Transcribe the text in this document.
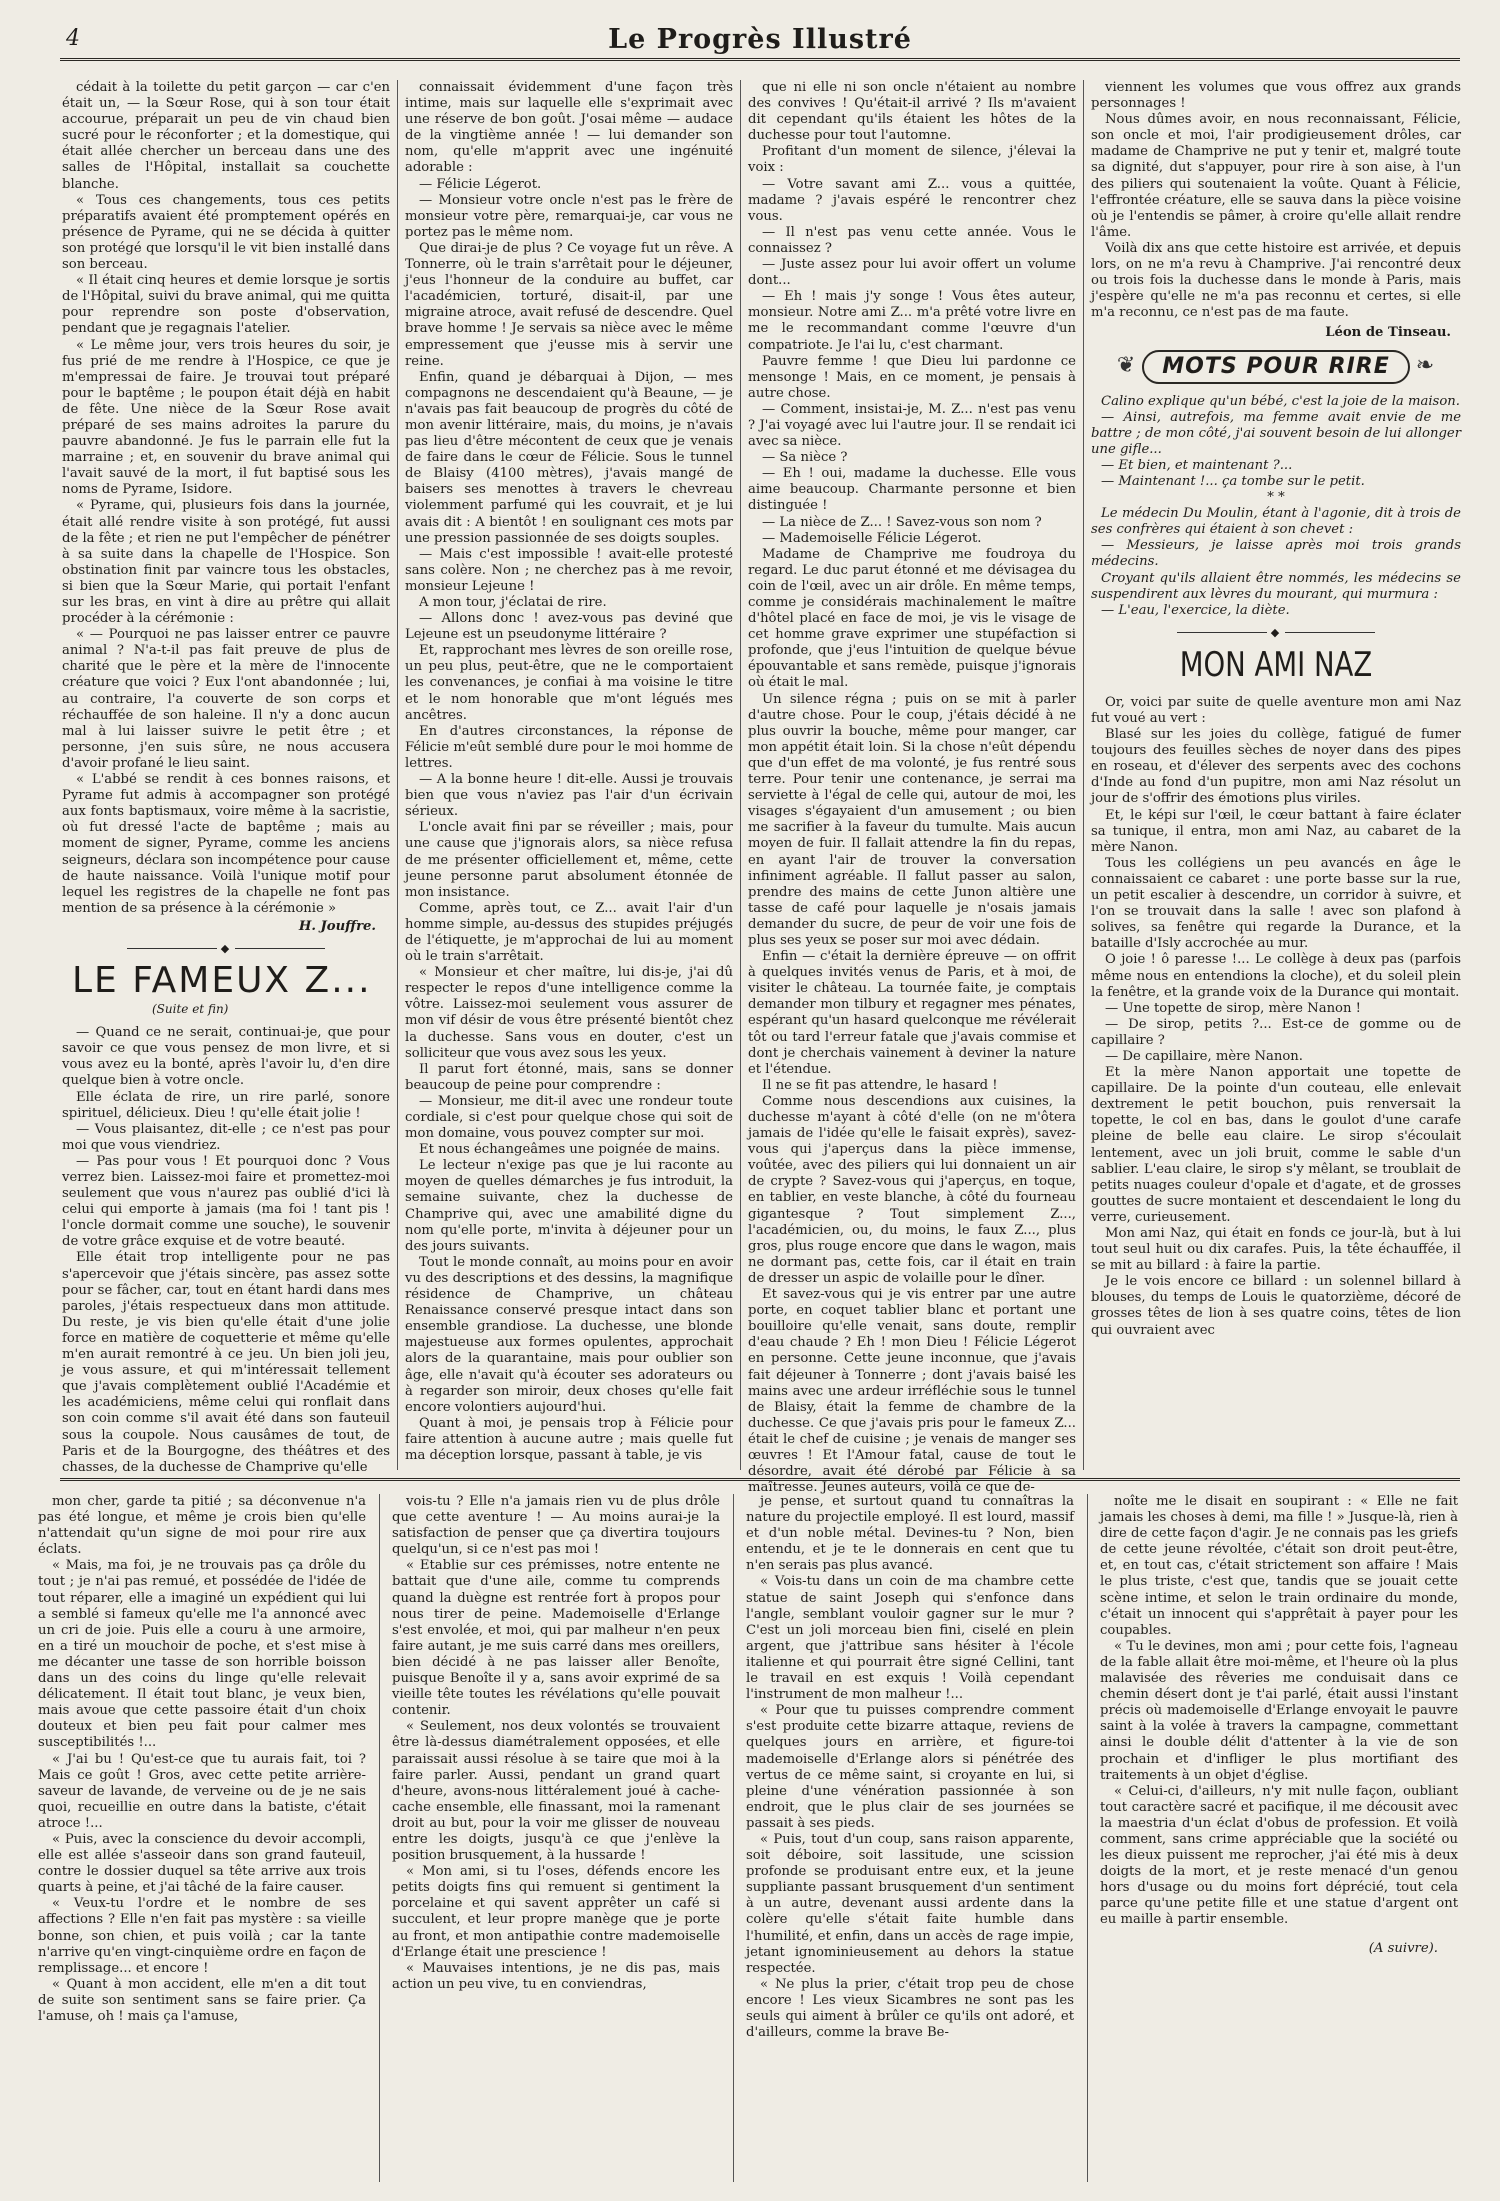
4	Le Progrès Illustré

cédait à la toilette du petit garçon — car c'en était un, — la Sœur Rose, qui à son tour était accourue, préparait un peu de vin chaud bien sucré pour le réconforter ; et la domestique, qui était allée chercher un berceau dans une des salles de l'Hôpital, installait sa couchette blanche.

« Tous ces changements, tous ces petits préparatifs avaient été promptement opérés en présence de Pyrame, qui ne se décida à quitter son protégé que lorsqu'il le vit bien installé dans son berceau.

« Il était cinq heures et demie lorsque je sortis de l'Hôpital, suivi du brave animal, qui me quitta pour reprendre son poste d'observation, pendant que je regagnais l'atelier.

« Le même jour, vers trois heures du soir, je fus prié de me rendre à l'Hospice, ce que je m'empressai de faire. Je trouvai tout préparé pour le baptême ; le poupon était déjà en habit de fête. Une nièce de la Sœur Rose avait préparé de ses mains adroites la parure du pauvre abandonné. Je fus le parrain elle fut la marraine ; et, en souvenir du brave animal qui l'avait sauvé de la mort, il fut baptisé sous les noms de Pyrame, Isidore.

« Pyrame, qui, plusieurs fois dans la journée, était allé rendre visite à son protégé, fut aussi de la fête ; et rien ne put l'empêcher de pénétrer à sa suite dans la chapelle de l'Hospice. Son obstination finit par vaincre tous les obstacles, si bien que la Sœur Marie, qui portait l'enfant sur les bras, en vint à dire au prêtre qui allait procéder à la cérémonie :

« — Pourquoi ne pas laisser entrer ce pauvre animal ? N'a-t-il pas fait preuve de plus de charité que le père et la mère de l'innocente créature que voici ? Eux l'ont abandonnée ; lui, au contraire, l'a couverte de son corps et réchauffée de son haleine. Il n'y a donc aucun mal à lui laisser suivre le petit être ; et personne, j'en suis sûre, ne nous accusera d'avoir profané le lieu saint.

« L'abbé se rendit à ces bonnes raisons, et Pyrame fut admis à accompagner son protégé aux fonts baptismaux, voire même à la sacristie, où fut dressé l'acte de baptême ; mais au moment de signer, Pyrame, comme les anciens seigneurs, déclara son incompétence pour cause de haute naissance. Voilà l'unique motif pour lequel les registres de la chapelle ne font pas mention de sa présence à la cérémonie »

H. Jouffre.

◆
LE FAMEUX Z...
(Suite et fin)

— Quand ce ne serait, continuai-je, que pour savoir ce que vous pensez de mon livre, et si vous avez eu la bonté, après l'avoir lu, d'en dire quelque bien à votre oncle.

Elle éclata de rire, un rire parlé, sonore spirituel, délicieux. Dieu ! qu'elle était jolie !

— Vous plaisantez, dit-elle ; ce n'est pas pour moi que vous viendriez.

— Pas pour vous ! Et pourquoi donc ? Vous verrez bien. Laissez-moi faire et promettez-moi seulement que vous n'aurez pas oublié d'ici là celui qui emporte à jamais (ma foi ! tant pis ! l'oncle dormait comme une souche), le souvenir de votre grâce exquise et de votre beauté.

Elle était trop intelligente pour ne pas s'apercevoir que j'étais sincère, pas assez sotte pour se fâcher, car, tout en étant hardi dans mes paroles, j'étais respectueux dans mon attitude. Du reste, je vis bien qu'elle était d'une jolie force en matière de coquetterie et même qu'elle m'en aurait remontré à ce jeu. Un bien joli jeu, je vous assure, et qui m'intéressait tellement que j'avais complètement oublié l'Académie et les académiciens, même celui qui ronflait dans son coin comme s'il avait été dans son fauteuil sous la coupole. Nous causâmes de tout, de Paris et de la Bourgogne, des théâtres et des chasses, de la duchesse de Champrive qu'elle

connaissait évidemment d'une façon très intime, mais sur laquelle elle s'exprimait avec une réserve de bon goût. J'osai même — audace de la vingtième année ! — lui demander son nom, qu'elle m'apprit avec une ingénuité adorable :

— Félicie Légerot.

— Monsieur votre oncle n'est pas le frère de monsieur votre père, remarquai-je, car vous ne portez pas le même nom.

Que dirai-je de plus ? Ce voyage fut un rêve. A Tonnerre, où le train s'arrêtait pour le déjeuner, j'eus l'honneur de la conduire au buffet, car l'académicien, torturé, disait-il, par une migraine atroce, avait refusé de descendre. Quel brave homme ! Je servais sa nièce avec le même empressement que j'eusse mis à servir une reine.

Enfin, quand je débarquai à Dijon, — mes compagnons ne descendaient qu'à Beaune, — je n'avais pas fait beaucoup de progrès du côté de mon avenir littéraire, mais, du moins, je n'avais pas lieu d'être mécontent de ceux que je venais de faire dans le cœur de Félicie. Sous le tunnel de Blaisy (4100 mètres), j'avais mangé de baisers ses menottes à travers le chevreau violemment parfumé qui les couvrait, et je lui avais dit : A bientôt ! en soulignant ces mots par une pression passionnée de ses doigts souples.

— Mais c'est impossible ! avait-elle protesté sans colère. Non ; ne cherchez pas à me revoir, monsieur Lejeune !

A mon tour, j'éclatai de rire.

— Allons donc ! avez-vous pas deviné que Lejeune est un pseudonyme littéraire ?

Et, rapprochant mes lèvres de son oreille rose, un peu plus, peut-être, que ne le comportaient les convenances, je confiai à ma voisine le titre et le nom honorable que m'ont légués mes ancêtres.

En d'autres circonstances, la réponse de Félicie m'eût semblé dure pour le moi homme de lettres.

— A la bonne heure ! dit-elle. Aussi je trouvais bien que vous n'aviez pas l'air d'un écrivain sérieux.

L'oncle avait fini par se réveiller ; mais, pour une cause que j'ignorais alors, sa nièce refusa de me présenter officiellement et, même, cette jeune personne parut absolument étonnée de mon insistance.

Comme, après tout, ce Z... avait l'air d'un homme simple, au-dessus des stupides préjugés de l'étiquette, je m'approchai de lui au moment où le train s'arrêtait.

« Monsieur et cher maître, lui dis-je, j'ai dû respecter le repos d'une intelligence comme la vôtre. Laissez-moi seulement vous assurer de mon vif désir de vous être présenté bientôt chez la duchesse. Sans vous en douter, c'est un solliciteur que vous avez sous les yeux.

Il parut fort étonné, mais, sans se donner beaucoup de peine pour comprendre :

— Monsieur, me dit-il avec une rondeur toute cordiale, si c'est pour quelque chose qui soit de mon domaine, vous pouvez compter sur moi.

Et nous échangeâmes une poignée de mains.

Le lecteur n'exige pas que je lui raconte au moyen de quelles démarches je fus introduit, la semaine suivante, chez la duchesse de Champrive qui, avec une amabilité digne du nom qu'elle porte, m'invita à déjeuner pour un des jours suivants.

Tout le monde connaît, au moins pour en avoir vu des descriptions et des dessins, la magnifique résidence de Champrive, un château Renaissance conservé presque intact dans son ensemble grandiose. La duchesse, une blonde majestueuse aux formes opulentes, approchait alors de la quarantaine, mais pour oublier son âge, elle n'avait qu'à écouter ses adorateurs ou à regarder son miroir, deux choses qu'elle fait encore volontiers aujourd'hui.

Quant à moi, je pensais trop à Félicie pour faire attention à aucune autre ; mais quelle fut ma déception lorsque, passant à table, je vis

que ni elle ni son oncle n'étaient au nombre des convives ! Qu'était-il arrivé ? Ils m'avaient dit cependant qu'ils étaient les hôtes de la duchesse pour tout l'automne.

Profitant d'un moment de silence, j'élevai la voix :

— Votre savant ami Z... vous a quittée, madame ? j'avais espéré le rencontrer chez vous.

— Il n'est pas venu cette année. Vous le connaissez ?

— Juste assez pour lui avoir offert un volume dont...

— Eh ! mais j'y songe ! Vous êtes auteur, monsieur. Notre ami Z... m'a prêté votre livre en me le recommandant comme l'œuvre d'un compatriote. Je l'ai lu, c'est charmant.

Pauvre femme ! que Dieu lui pardonne ce mensonge ! Mais, en ce moment, je pensais à autre chose.

— Comment, insistai-je, M. Z... n'est pas venu ? J'ai voyagé avec lui l'autre jour. Il se rendait ici avec sa nièce.

— Sa nièce ?

— Eh ! oui, madame la duchesse. Elle vous aime beaucoup. Charmante personne et bien distinguée !

— La nièce de Z... ! Savez-vous son nom ?

— Mademoiselle Félicie Légerot.

Madame de Champrive me foudroya du regard. Le duc parut étonné et me dévisagea du coin de l'œil, avec un air drôle. En même temps, comme je considérais machinalement le maître d'hôtel placé en face de moi, je vis le visage de cet homme grave exprimer une stupéfaction si profonde, que j'eus l'intuition de quelque bévue épouvantable et sans remède, puisque j'ignorais où était le mal.

Un silence régna ; puis on se mit à parler d'autre chose. Pour le coup, j'étais décidé à ne plus ouvrir la bouche, même pour manger, car mon appétit était loin. Si la chose n'eût dépendu que d'un effet de ma volonté, je fus rentré sous terre. Pour tenir une contenance, je serrai ma serviette à l'égal de celle qui, autour de moi, les visages s'égayaient d'un amusement ; ou bien me sacrifier à la faveur du tumulte. Mais aucun moyen de fuir. Il fallait attendre la fin du repas, en ayant l'air de trouver la conversation infiniment agréable. Il fallut passer au salon, prendre des mains de cette Junon altière une tasse de café pour laquelle je n'osais jamais demander du sucre, de peur de voir une fois de plus ses yeux se poser sur moi avec dédain.

Enfin — c'était la dernière épreuve — on offrit à quelques invités venus de Paris, et à moi, de visiter le château. La tournée faite, je comptais demander mon tilbury et regagner mes pénates, espérant qu'un hasard quelconque me révélerait tôt ou tard l'erreur fatale que j'avais commise et dont je cherchais vainement à deviner la nature et l'étendue.

Il ne se fit pas attendre, le hasard !

Comme nous descendions aux cuisines, la duchesse m'ayant à côté d'elle (on ne m'ôtera jamais de l'idée qu'elle le faisait exprès), savez-vous qui j'aperçus dans la pièce immense, voûtée, avec des piliers qui lui donnaient un air de crypte ? Savez-vous qui j'aperçus, en toque, en tablier, en veste blanche, à côté du fourneau gigantesque ? Tout simplement Z..., l'académicien, ou, du moins, le faux Z..., plus gros, plus rouge encore que dans le wagon, mais ne dormant pas, cette fois, car il était en train de dresser un aspic de volaille pour le dîner.

Et savez-vous qui je vis entrer par une autre porte, en coquet tablier blanc et portant une bouilloire qu'elle venait, sans doute, remplir d'eau chaude ? Eh ! mon Dieu ! Félicie Légerot en personne. Cette jeune inconnue, que j'avais fait déjeuner à Tonnerre ; dont j'avais baisé les mains avec une ardeur irréfléchie sous le tunnel de Blaisy, était la femme de chambre de la duchesse. Ce que j'avais pris pour le fameux Z... était le chef de cuisine ; je venais de manger ses œuvres ! Et l'Amour fatal, cause de tout le désordre, avait été dérobé par Félicie à sa maîtresse. Jeunes auteurs, voilà ce que de-

viennent les volumes que vous offrez aux grands personnages !

Nous dûmes avoir, en nous reconnaissant, Félicie, son oncle et moi, l'air prodigieusement drôles, car madame de Champrive ne put y tenir et, malgré toute sa dignité, dut s'appuyer, pour rire à son aise, à l'un des piliers qui soutenaient la voûte. Quant à Félicie, l'effrontée créature, elle se sauva dans la pièce voisine où je l'entendis se pâmer, à croire qu'elle allait rendre l'âme.

Voilà dix ans que cette histoire est arrivée, et depuis lors, on ne m'a revu à Champrive. J'ai rencontré deux ou trois fois la duchesse dans le monde à Paris, mais j'espère qu'elle ne m'a pas reconnu et certes, si elle m'a reconnu, ce n'est pas de ma faute.

Léon de Tinseau.

❦	MOTS POUR RIRE	❧

Calino explique qu'un bébé, c'est la joie de la maison.

— Ainsi, autrefois, ma femme avait envie de me battre ; de mon côté, j'ai souvent besoin de lui allonger une gifle...

— Et bien, et maintenant ?...

— Maintenant !... ça tombe sur le petit.

* *

Le médecin Du Moulin, étant à l'agonie, dit à trois de ses confrères qui étaient à son chevet :

— Messieurs, je laisse après moi trois grands médecins.

Croyant qu'ils allaient être nommés, les médecins se suspendirent aux lèvres du mourant, qui murmura :

— L'eau, l'exercice, la diète.

◆
MON AMI NAZ

Or, voici par suite de quelle aventure mon ami Naz fut voué au vert :

Blasé sur les joies du collège, fatigué de fumer toujours des feuilles sèches de noyer dans des pipes en roseau, et d'élever des serpents avec des cochons d'Inde au fond d'un pupitre, mon ami Naz résolut un jour de s'offrir des émotions plus viriles.

Et, le képi sur l'œil, le cœur battant à faire éclater sa tunique, il entra, mon ami Naz, au cabaret de la mère Nanon.

Tous les collégiens un peu avancés en âge le connaissaient ce cabaret : une porte basse sur la rue, un petit escalier à descendre, un corridor à suivre, et l'on se trouvait dans la salle ! avec son plafond à solives, sa fenêtre qui regarde la Durance, et la bataille d'Isly accrochée au mur.

O joie ! ô paresse !... Le collège à deux pas (parfois même nous en entendions la cloche), et du soleil plein la fenêtre, et la grande voix de la Durance qui montait.

— Une topette de sirop, mère Nanon !

— De sirop, petits ?... Est-ce de gomme ou de capillaire ?

— De capillaire, mère Nanon.

Et la mère Nanon apportait une topette de capillaire. De la pointe d'un couteau, elle enlevait dextrement le petit bouchon, puis renversait la topette, le col en bas, dans le goulot d'une carafe pleine de belle eau claire. Le sirop s'écoulait lentement, avec un joli bruit, comme le sable d'un sablier. L'eau claire, le sirop s'y mêlant, se troublait de petits nuages couleur d'opale et d'agate, et de grosses gouttes de sucre montaient et descendaient le long du verre, curieusement.

Mon ami Naz, qui était en fonds ce jour-là, but à lui tout seul huit ou dix carafes. Puis, la tête échauffée, il se mit au billard : à faire la partie.

Je le vois encore ce billard : un solennel billard à blouses, du temps de Louis le quatorzième, décoré de grosses têtes de lion à ses quatre coins, têtes de lion qui ouvraient avec

mon cher, garde ta pitié ; sa déconvenue n'a pas été longue, et même je crois bien qu'elle n'attendait qu'un signe de moi pour rire aux éclats.

« Mais, ma foi, je ne trouvais pas ça drôle du tout ; je n'ai pas remué, et possédée de l'idée de tout réparer, elle a imaginé un expédient qui lui a semblé si fameux qu'elle me l'a annoncé avec un cri de joie. Puis elle a couru à une armoire, en a tiré un mouchoir de poche, et s'est mise à me décanter une tasse de son horrible boisson dans un des coins du linge qu'elle relevait délicatement. Il était tout blanc, je veux bien, mais avoue que cette passoire était d'un choix douteux et bien peu fait pour calmer mes susceptibilités !...

« J'ai bu ! Qu'est-ce que tu aurais fait, toi ? Mais ce goût ! Gros, avec cette petite arrière-saveur de lavande, de verveine ou de je ne sais quoi, recueillie en outre dans la batiste, c'était atroce !...

« Puis, avec la conscience du devoir accompli, elle est allée s'asseoir dans son grand fauteuil, contre le dossier duquel sa tête arrive aux trois quarts à peine, et j'ai tâché de la faire causer.

« Veux-tu l'ordre et le nombre de ses affections ? Elle n'en fait pas mystère : sa vieille bonne, son chien, et puis voilà ; car la tante n'arrive qu'en vingt-cinquième ordre en façon de remplissage... et encore !

« Quant à mon accident, elle m'en a dit tout de suite son sentiment sans se faire prier. Ça l'amuse, oh ! mais ça l'amuse,

vois-tu ? Elle n'a jamais rien vu de plus drôle que cette aventure ! — Au moins aurai-je la satisfaction de penser que ça divertira toujours quelqu'un, si ce n'est pas moi !

« Etablie sur ces prémisses, notre entente ne battait que d'une aile, comme tu comprends quand la duègne est rentrée fort à propos pour nous tirer de peine. Mademoiselle d'Erlange s'est envolée, et moi, qui par malheur n'en peux faire autant, je me suis carré dans mes oreillers, bien décidé à ne pas laisser aller Benoîte, puisque Benoîte il y a, sans avoir exprimé de sa vieille tête toutes les révélations qu'elle pouvait contenir.

« Seulement, nos deux volontés se trouvaient être là-dessus diamétralement opposées, et elle paraissait aussi résolue à se taire que moi à la faire parler. Aussi, pendant un grand quart d'heure, avons-nous littéralement joué à cache-cache ensemble, elle finassant, moi la ramenant droit au but, pour la voir me glisser de nouveau entre les doigts, jusqu'à ce que j'enlève la position brusquement, à la hussarde !

« Mon ami, si tu l'oses, défends encore les petits doigts fins qui remuent si gentiment la porcelaine et qui savent apprêter un café si succulent, et leur propre manège que je porte au front, et mon antipathie contre mademoiselle d'Erlange était une prescience !

« Mauvaises intentions, je ne dis pas, mais action un peu vive, tu en conviendras,

je pense, et surtout quand tu connaîtras la nature du projectile employé. Il est lourd, massif et d'un noble métal. Devines-tu ? Non, bien entendu, et je te le donnerais en cent que tu n'en serais pas plus avancé.

« Vois-tu dans un coin de ma chambre cette statue de saint Joseph qui s'enfonce dans l'angle, semblant vouloir gagner sur le mur ? C'est un joli morceau bien fini, ciselé en plein argent, que j'attribue sans hésiter à l'école italienne et qui pourrait être signé Cellini, tant le travail en est exquis ! Voilà cependant l'instrument de mon malheur !...

« Pour que tu puisses comprendre comment s'est produite cette bizarre attaque, reviens de quelques jours en arrière, et figure-toi mademoiselle d'Erlange alors si pénétrée des vertus de ce même saint, si croyante en lui, si pleine d'une vénération passionnée à son endroit, que le plus clair de ses journées se passait à ses pieds.

« Puis, tout d'un coup, sans raison apparente, soit déboire, soit lassitude, une scission profonde se produisant entre eux, et la jeune suppliante passant brusquement d'un sentiment à un autre, devenant aussi ardente dans la colère qu'elle s'était faite humble dans l'humilité, et enfin, dans un accès de rage impie, jetant ignominieusement au dehors la statue respectée.

« Ne plus la prier, c'était trop peu de chose encore ! Les vieux Sicambres ne sont pas les seuls qui aiment à brûler ce qu'ils ont adoré, et d'ailleurs, comme la brave Be-

noîte me le disait en soupirant : « Elle ne fait jamais les choses à demi, ma fille ! » Jusque-là, rien à dire de cette façon d'agir. Je ne connais pas les griefs de cette jeune révoltée, c'était son droit peut-être, et, en tout cas, c'était strictement son affaire ! Mais le plus triste, c'est que, tandis que se jouait cette scène intime, et selon le train ordinaire du monde, c'était un innocent qui s'apprêtait à payer pour les coupables.

« Tu le devines, mon ami ; pour cette fois, l'agneau de la fable allait être moi-même, et l'heure où la plus malavisée des rêveries me conduisait dans ce chemin désert dont je t'ai parlé, était aussi l'instant précis où mademoiselle d'Erlange envoyait le pauvre saint à la volée à travers la campagne, commettant ainsi le double délit d'attenter à la vie de son prochain et d'infliger le plus mortifiant des traitements à un objet d'église.

« Celui-ci, d'ailleurs, n'y mit nulle façon, oubliant tout caractère sacré et pacifique, il me décousit avec la maestria d'un éclat d'obus de profession. Et voilà comment, sans crime appréciable que la société ou les dieux puissent me reprocher, j'ai été mis à deux doigts de la mort, et je reste menacé d'un genou hors d'usage ou du moins fort déprécié, tout cela parce qu'une petite fille et une statue d'argent ont eu maille à partir ensemble.

(A suivre).
